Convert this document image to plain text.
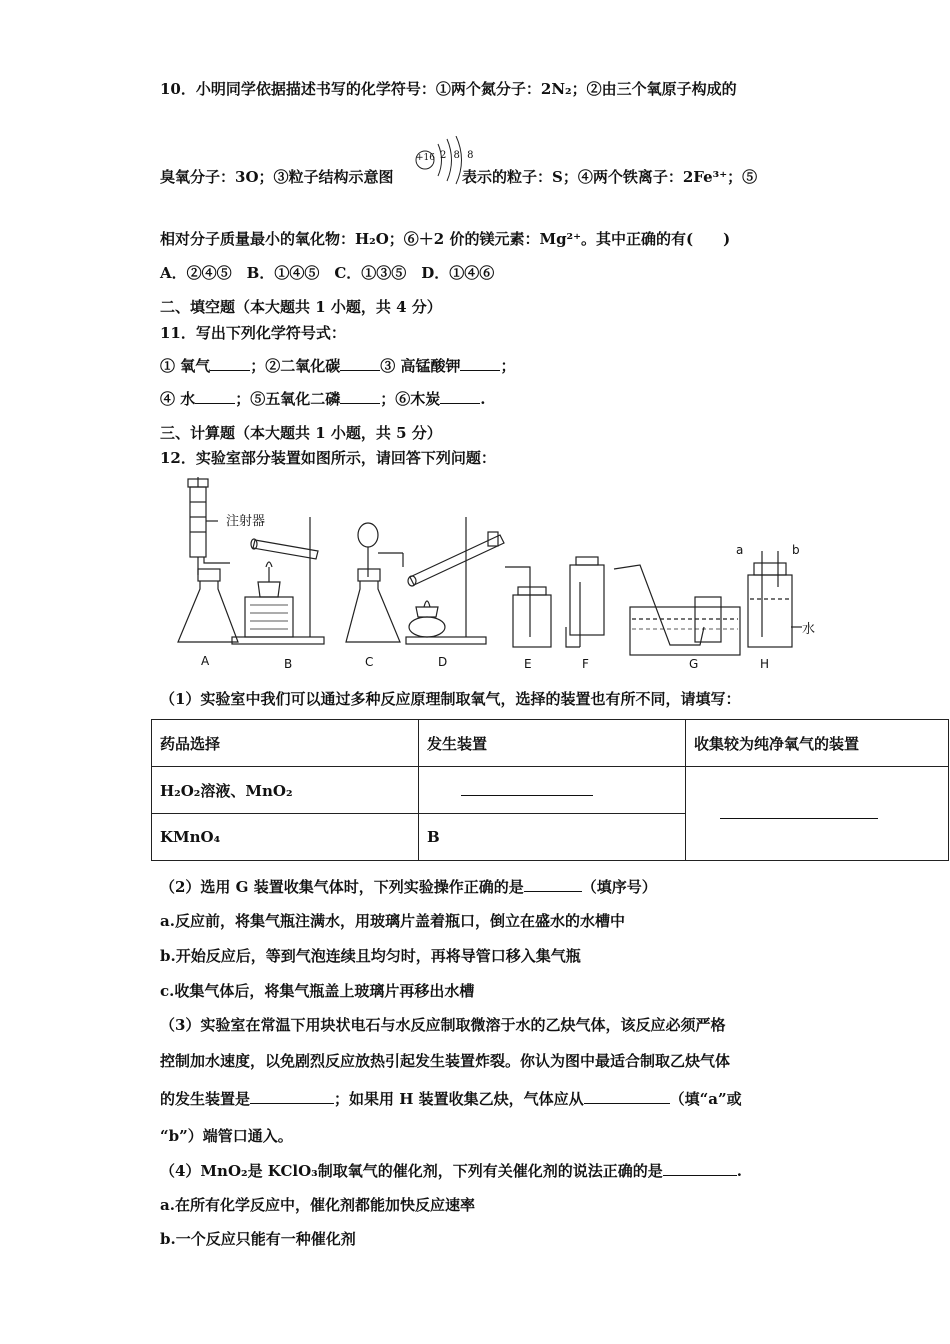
10．小明同学依据描述书写的化学符号：①两个氮分子：2N₂；②由三个氧原子构成的
臭氧分子：3O；③粒子结构示意图	表示的粒子：S；④两个铁离子：2Fe³⁺；⑤
+16 2 8 8
相对分子质量最小的氧化物：H₂O；⑥＋2 价的镁元素：Mg²⁺。其中正确的有(　　)
A．②④⑤　B．①④⑤　C．①③⑤　D．①④⑥
二、填空题（本大题共 1 小题，共 4 分）
11．写出下列化学符号式：
① 氧气	；②二氧化碳	③ 高锰酸钾	；
④ 水	；⑤五氧化二磷	；⑥木炭	.
三、计算题（本大题共 1 小题，共 5 分）
12．实验室部分装置如图所示，请回答下列问题：
注射器
a	b
水
A	B	C	D	E	F	G	H
（1）实验室中我们可以通过多种反应原理制取氧气，选择的装置也有所不同，请填写：
药品选择	发生装置	收集较为纯净氧气的装置
H₂O₂溶液、MnO₂		
KMnO₄	B	
（2）选用 G 装置收集气体时，下列实验操作正确的是	（填序号）
a.反应前，将集气瓶注满水，用玻璃片盖着瓶口，倒立在盛水的水槽中
b.开始反应后，等到气泡连续且均匀时，再将导管口移入集气瓶
c.收集气体后，将集气瓶盖上玻璃片再移出水槽
（3）实验室在常温下用块状电石与水反应制取微溶于水的乙炔气体，该反应必须严格
控制加水速度，以免剧烈反应放热引起发生装置炸裂。你认为图中最适合制取乙炔气体
的发生装置是	；如果用 H 装置收集乙炔，气体应从	（填“a”或
“b”）端管口通入。
（4）MnO₂是 KClO₃制取氧气的催化剂，下列有关催化剂的说法正确的是	.
a.在所有化学反应中，催化剂都能加快反应速率
b.一个反应只能有一种催化剂
